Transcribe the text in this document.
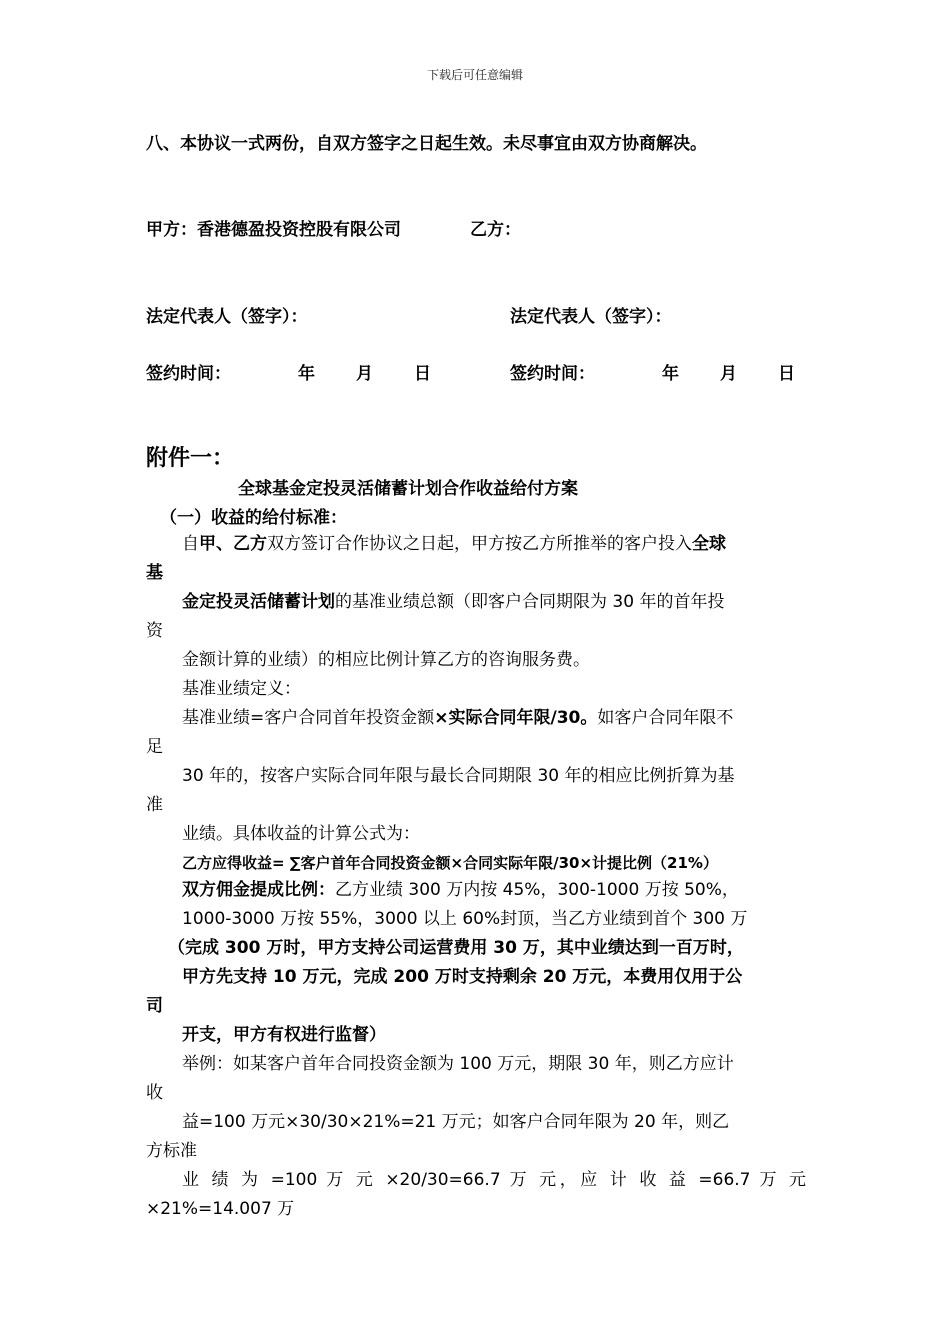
下载后可任意编辑
八、本协议一式两份，自双方签字之日起生效。未尽事宜由双方协商解决。
甲方：香港德盈投资控股有限公司	乙方：
法定代表人（签字）：	法定代表人（签字）：
签约时间：	年 月 日	签约时间：	年 月 日
附件一：
全球基金定投灵活储蓄计划合作收益给付方案
（一）收益的给付标准：
自甲、乙方双方签订合作协议之日起，甲方按乙方所推举的客户投入全球
基
金定投灵活储蓄计划的基准业绩总额（即客户合同期限为 30 年的首年投
资
金额计算的业绩）的相应比例计算乙方的咨询服务费。
基准业绩定义：
基准业绩=客户合同首年投资金额×实际合同年限/30。如客户合同年限不
足
30 年的，按客户实际合同年限与最长合同期限 30 年的相应比例折算为基
准
业绩。具体收益的计算公式为：
乙方应得收益= ∑客户首年合同投资金额×合同实际年限/30×计提比例（21%）
双方佣金提成比例：乙方业绩 300 万内按 45%，300-1000 万按 50%，
1000-3000 万按 55%，3000 以上 60%封顶，当乙方业绩到首个 300 万
（完成 300 万时，甲方支持公司运营费用 30 万，其中业绩达到一百万时，
甲方先支持 10 万元，完成 200 万时支持剩余 20 万元，本费用仅用于公
司
开支，甲方有权进行监督）
举例：如某客户首年合同投资金额为 100 万元，期限 30 年，则乙方应计
收
益=100 万元×30/30×21%=21 万元；如客户合同年限为 20 年，则乙
方标准
业 绩 为 =100 万 元 ×20/30=66.7 万 元，应 计 收 益 =66.7 万 元
×21%=14.007 万
